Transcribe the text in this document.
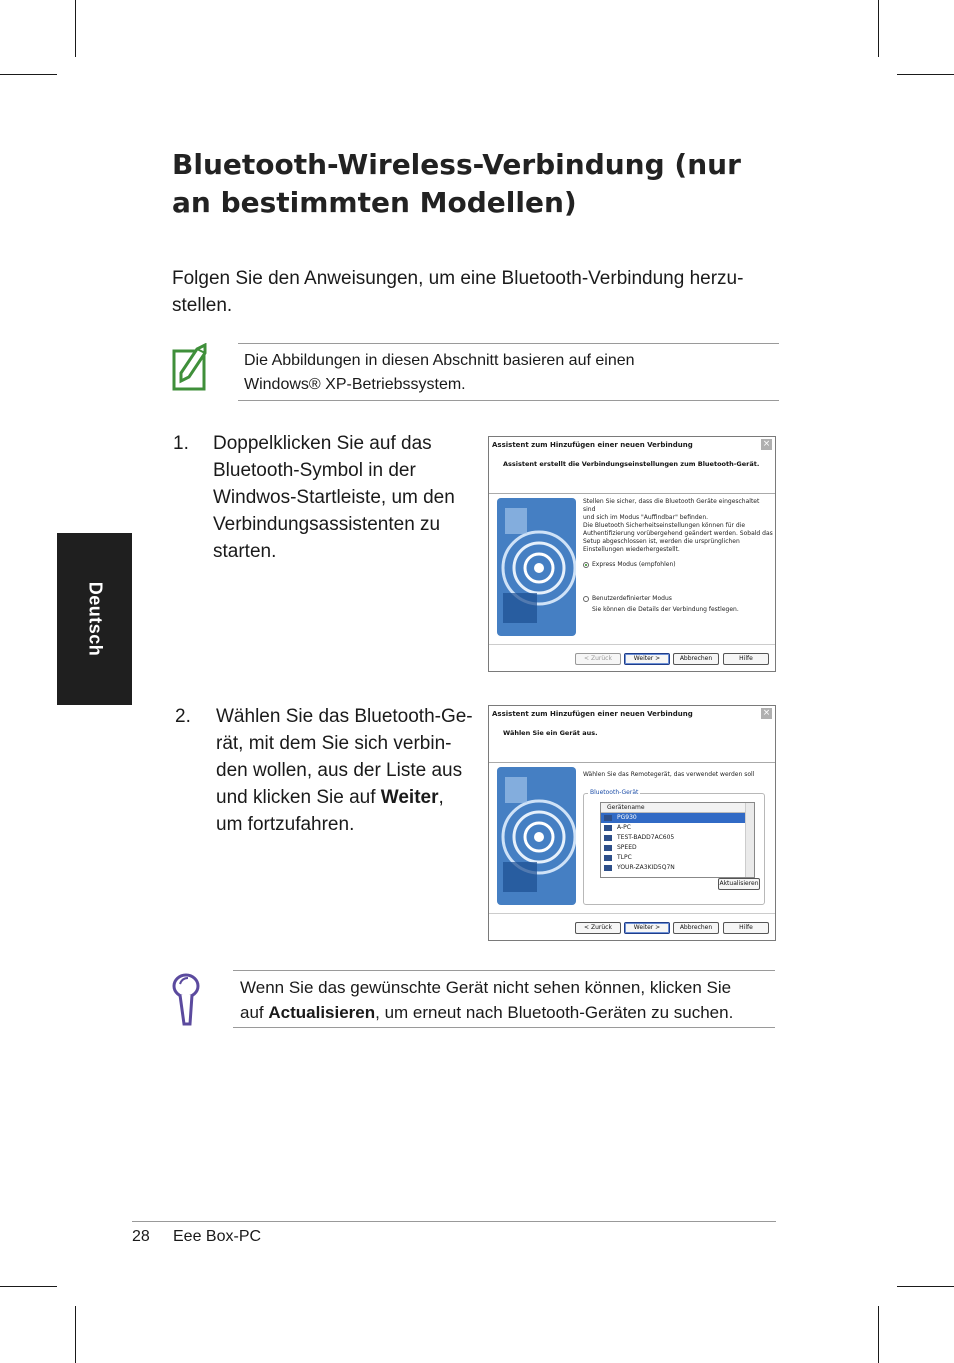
Bluetooth-Wireless-Verbindung (nur
an bestimmten Modellen)
Folgen Sie den Anweisungen, um eine Bluetooth-Verbindung herzu-stellen.
Deutsch
Die Abbildungen in diesen Abschnitt basieren auf einen
Windows® XP-Betriebssystem.
1. Doppelklicken Sie auf das
Bluetooth-Symbol in der
Windwos-Startleiste, um den
Verbindungsassistenten zu
starten.
Assistent zum Hinzufügen einer neuen Verbindung	×
Assistent erstellt die Verbindungseinstellungen zum Bluetooth-Gerät.
Stellen Sie sicher, dass die Bluetooth Geräte eingeschaltet sind
und sich im Modus "Auffindbar" befinden.
Die Bluetooth Sicherheitseinstellungen können für die
Authentifizierung vorübergehend geändert werden. Sobald das
Setup abgeschlossen ist, werden die ursprünglichen
Einstellungen wiederhergestellt.
Express Modus (empfohlen)
Benutzerdefinierter Modus
Sie können die Details der Verbindung festlegen.
< Zurück	Weiter >	Abbrechen	Hilfe
2. Wählen Sie das Bluetooth-Ge-
rät, mit dem Sie sich verbin-
den wollen, aus der Liste aus
und klicken Sie auf Weiter,
um fortzufahren.
Assistent zum Hinzufügen einer neuen Verbindung	×
Wählen Sie ein Gerät aus.
Wählen Sie das Remotegerät, das verwendet werden soll
Bluetooth-Gerät
Gerätename
PG930
A-PC
TEST-BADD7AC605
SPEED
TLPC
YOUR-ZA3KID5Q7N
Aktualisieren
< Zurück	Weiter >	Abbrechen	Hilfe
Wenn Sie das gewünschte Gerät nicht sehen können, klicken Sie
auf Actualisieren, um erneut nach Bluetooth-Geräten zu suchen.
28 Eee Box-PC
